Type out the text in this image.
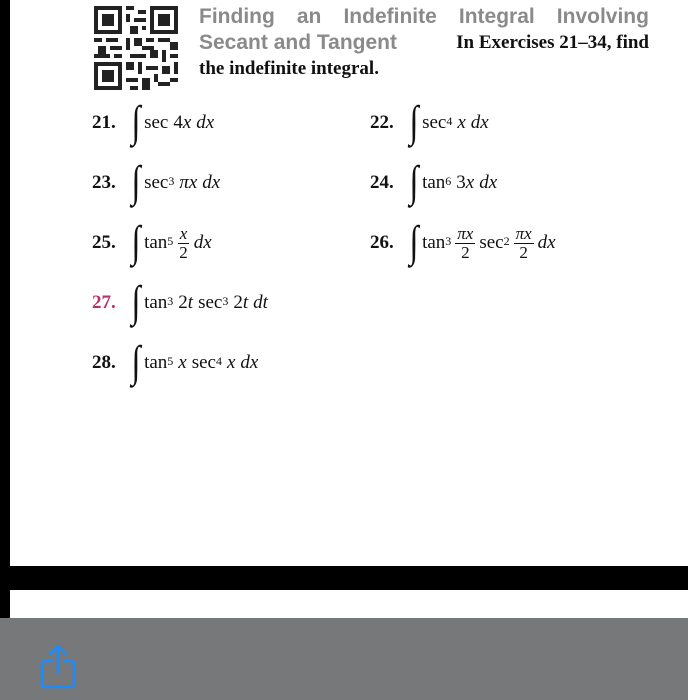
Finding an Indefinite Integral Involving
Secant and Tangent	In Exercises 21–34, find
the indefinite integral.
21. ∫ sec 4 x dx	22. ∫ $\sec^4 x$ dx
23. ∫ $\sec^3 \pi$ x dx	24. ∫ $\tan^6 3$ x dx
25. ∫ $\tan^5 \frac{x}{2}$ dx	26. ∫ $\tan^3 \frac{\pi x}{2} \sec^2 \frac{\pi x}{2}$ dx
27. ∫ $\tan^3 2$ t $\sec^3 2$ t dt
28. ∫ $\tan^5 x$ $\sec^4 x$ dx
